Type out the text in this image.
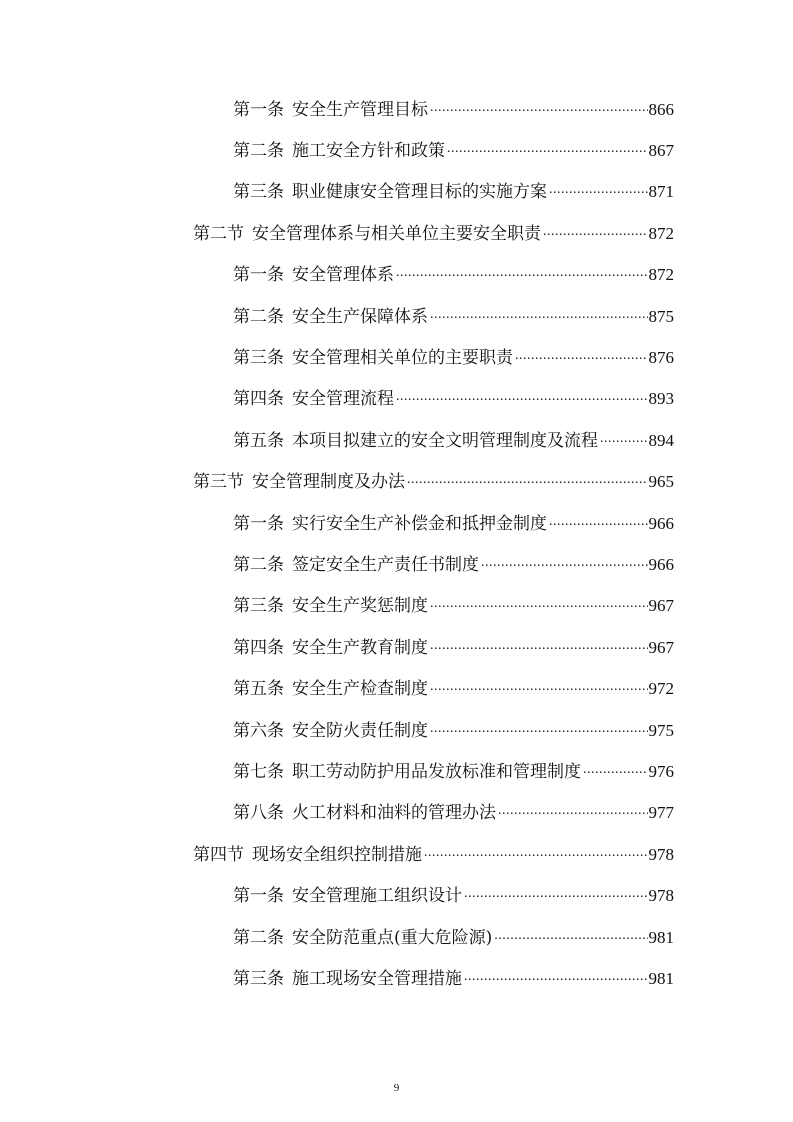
第一条 安全生产管理目标 .....	866
第二条 施工安全方针和政策 .....	867
第三条 职业健康安全管理目标的实施方案 .....	871
第二节 安全管理体系与相关单位主要安全职责 .....	872
第一条 安全管理体系 .....	872
第二条 安全生产保障体系 .....	875
第三条 安全管理相关单位的主要职责 .....	876
第四条 安全管理流程 .....	893
第五条 本项目拟建立的安全文明管理制度及流程 .....	894
第三节 安全管理制度及办法 .....	965
第一条 实行安全生产补偿金和抵押金制度 .....	966
第二条 签定安全生产责任书制度 .....	966
第三条 安全生产奖惩制度 .....	967
第四条 安全生产教育制度 .....	967
第五条 安全生产检查制度 .....	972
第六条 安全防火责任制度 .....	975
第七条 职工劳动防护用品发放标准和管理制度 .....	976
第八条 火工材料和油料的管理办法 .....	977
第四节 现场安全组织控制措施 .....	978
第一条 安全管理施工组织设计 .....	978
第二条 安全防范重点(重大危险源) .....	981
第三条 施工现场安全管理措施 .....	981
9
